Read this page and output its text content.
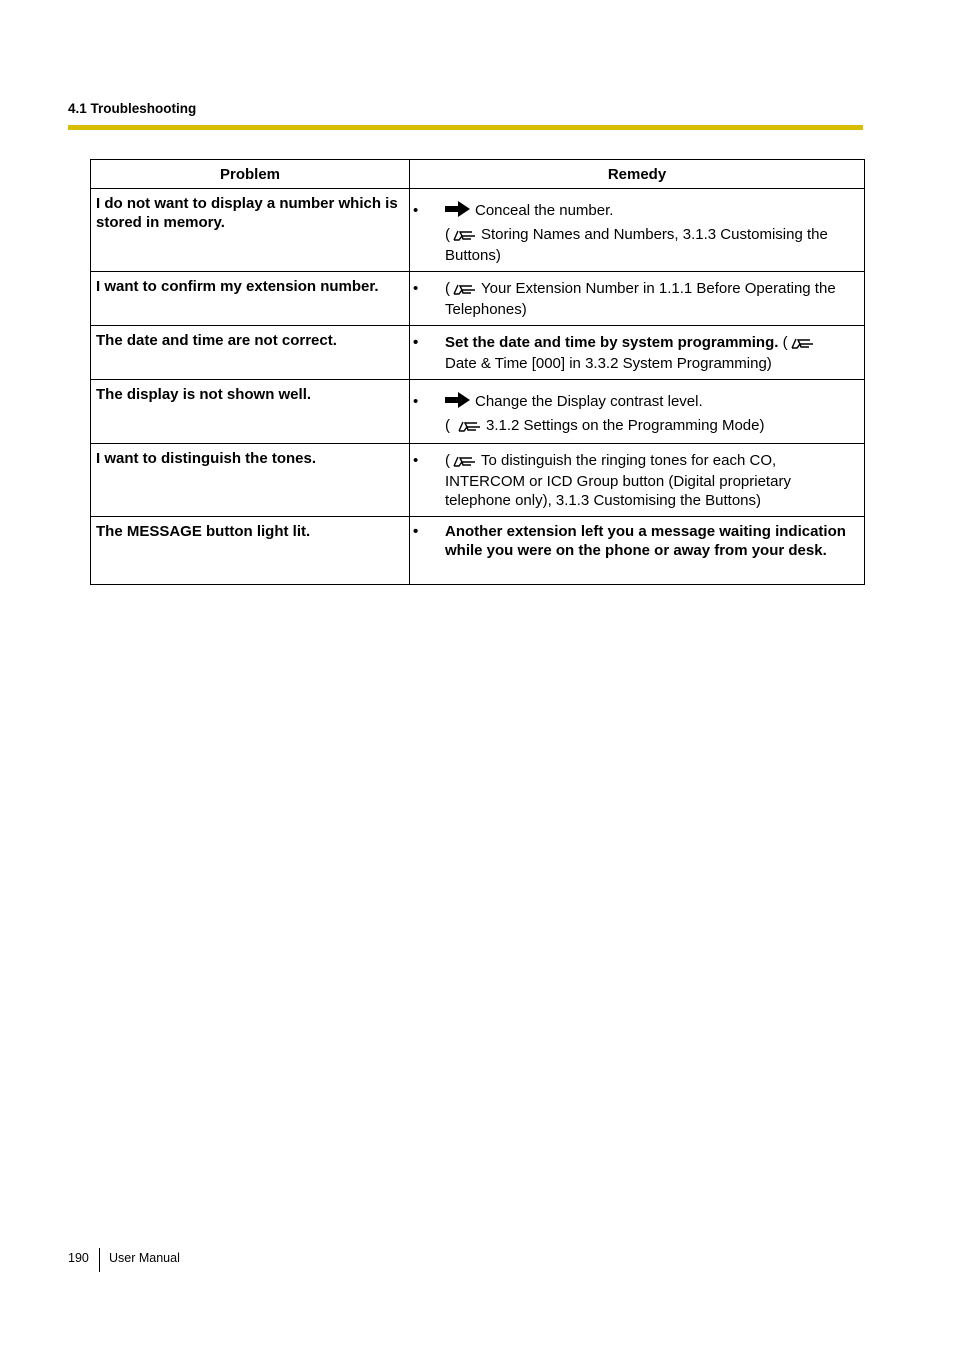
4.1 Troubleshooting
Problem	Remedy
I do not want to display a number which is stored in memory.	• Conceal the number.
( Storing Names and Numbers, 3.1.3 Customising the Buttons)

I want to confirm my extension number.	• ( Your Extension Number in 1.1.1 Before Operating the Telephones)

The date and time are not correct.	• Set the date and time by system programming. (
Date & Time [000] in 3.3.2 System Programming)

The display is not shown well.	• Change the Display contrast level.
( 3.1.2 Settings on the Programming Mode)

I want to distinguish the tones.	• ( To distinguish the ringing tones for each CO, INTERCOM or ICD Group button (Digital proprietary telephone only), 3.1.3 Customising the Buttons)

The MESSAGE button light lit.	• Another extension left you a message waiting indication while you were on the phone or away from your desk.
190 User Manual
